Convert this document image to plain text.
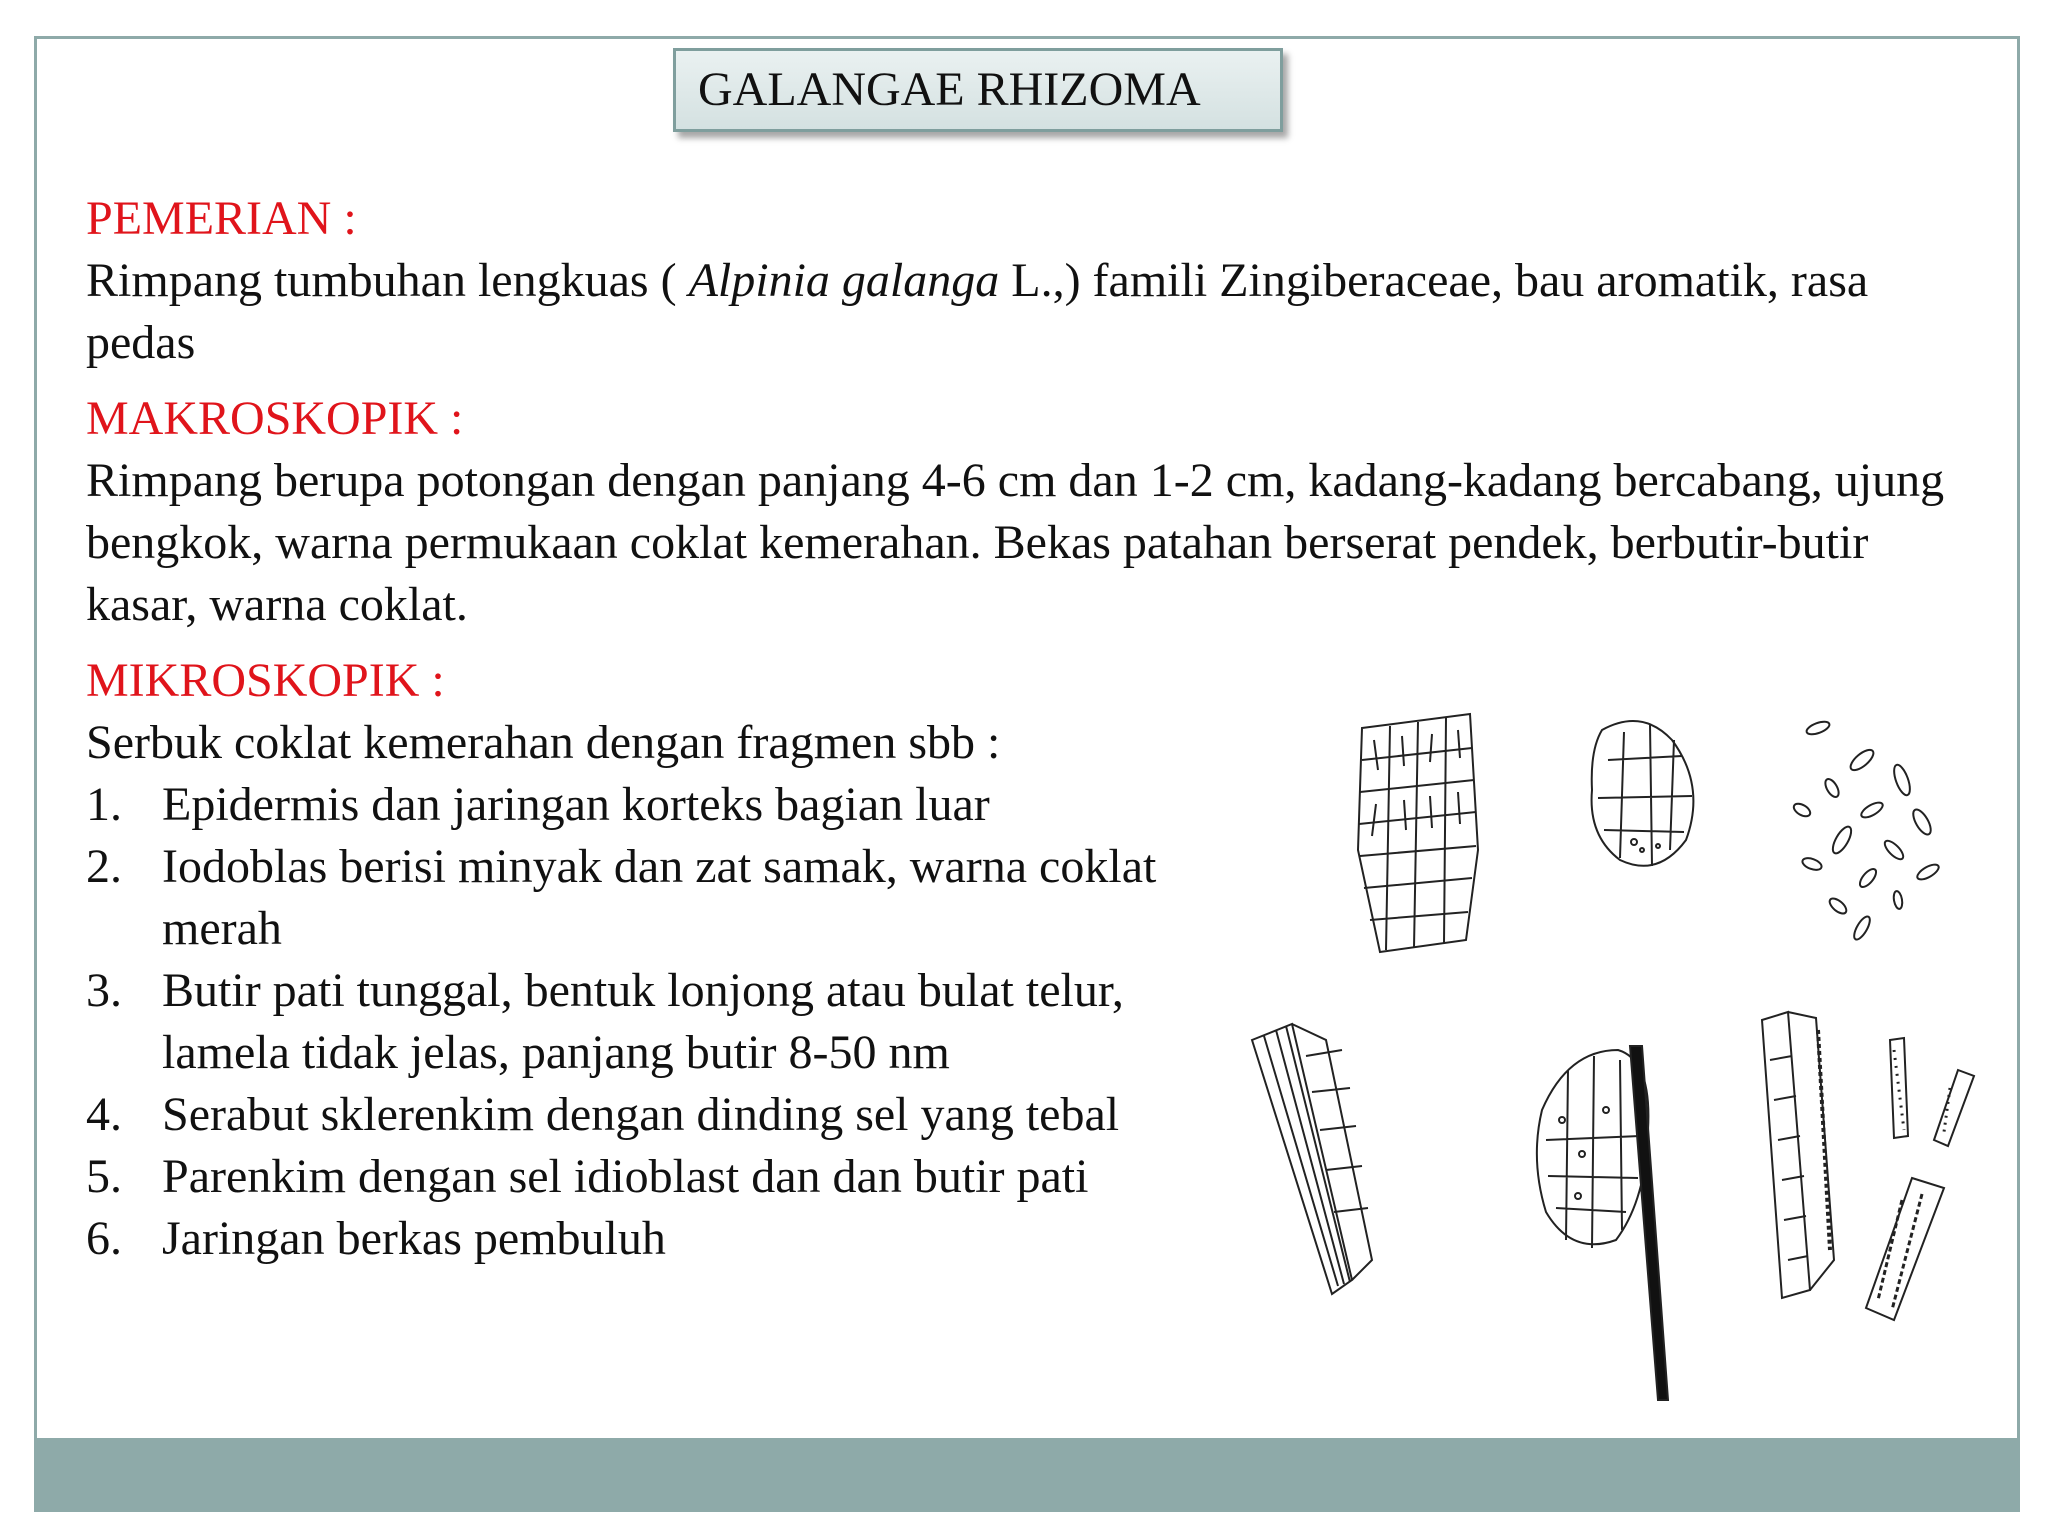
GALANGAE RHIZOMA
PEMERIAN :
Rimpang tumbuhan lengkuas ( Alpinia galanga L.,) famili Zingiberaceae, bau aromatik, rasa pedas
MAKROSKOPIK :
Rimpang berupa potongan dengan panjang 4-6 cm dan 1-2 cm, kadang-kadang bercabang, ujung bengkok, warna permukaan coklat kemerahan. Bekas patahan berserat pendek, berbutir-butir kasar, warna coklat.
MIKROSKOPIK :
Serbuk coklat kemerahan dengan fragmen sbb :
1. Epidermis dan jaringan korteks bagian luar
2. Iodoblas berisi minyak dan zat samak, warna coklat merah
3. Butir pati tunggal, bentuk lonjong atau bulat telur, lamela tidak jelas, panjang butir 8-50 nm
4. Serabut sklerenkim dengan dinding sel yang tebal
5. Parenkim dengan sel idioblast dan dan butir pati
6. Jaringan berkas pembuluh
